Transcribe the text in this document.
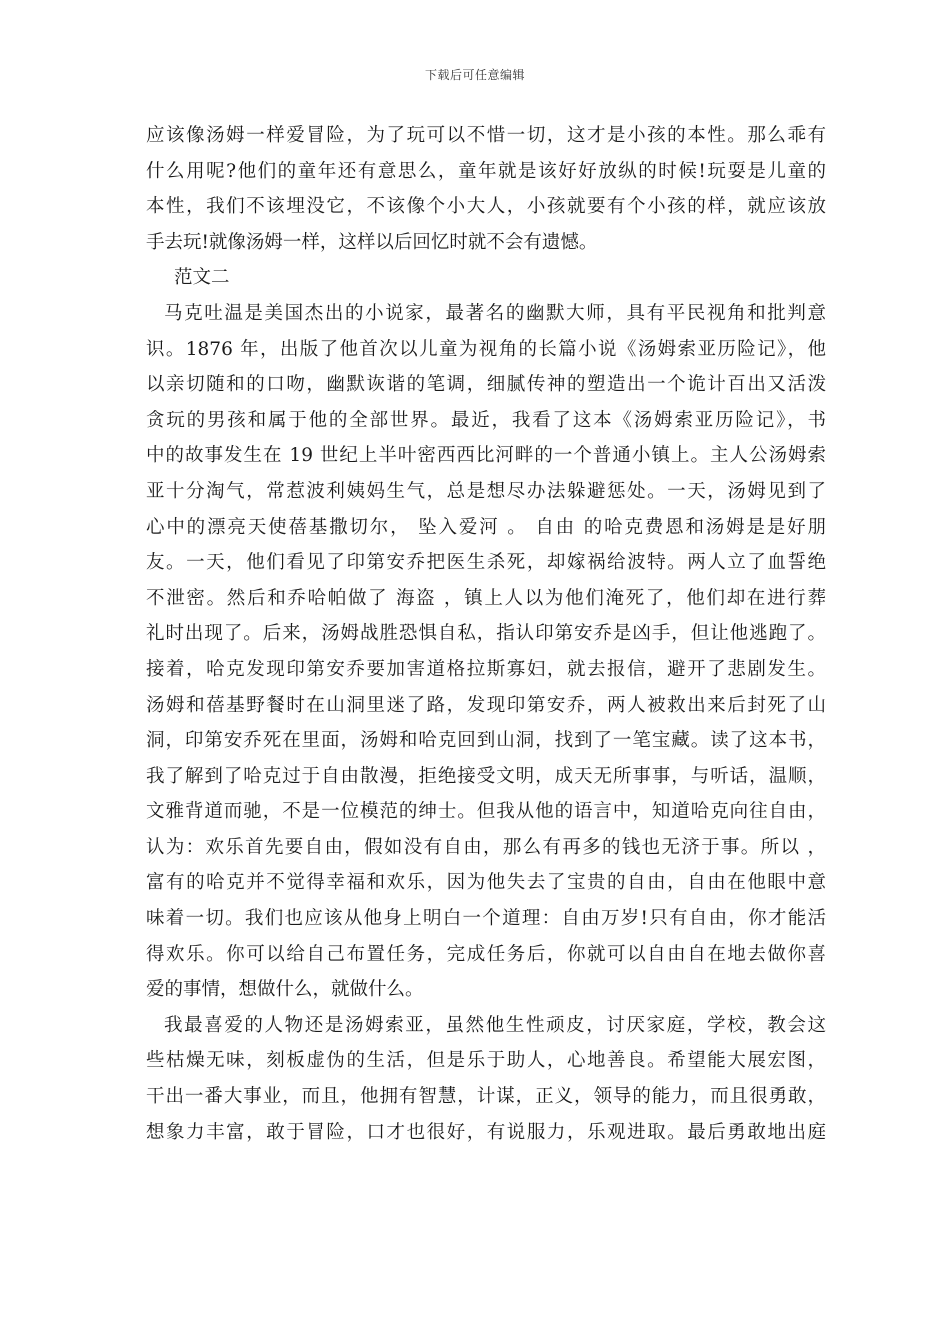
下载后可任意编辑
应该像汤姆一样爱冒险，为了玩可以不惜一切，这才是小孩的本性。那么乖有
什么用呢?他们的童年还有意思么，童年就是该好好放纵的时候!玩耍是儿童的
本性，我们不该埋没它，不该像个小大人，小孩就要有个小孩的样，就应该放
手去玩!就像汤姆一样，这样以后回忆时就不会有遗憾。
范文二
马克吐温是美国杰出的小说家，最著名的幽默大师，具有平民视角和批判意
识。1876 年，出版了他首次以儿童为视角的长篇小说《汤姆索亚历险记》，他
以亲切随和的口吻，幽默诙谐的笔调，细腻传神的塑造出一个诡计百出又活泼
贪玩的男孩和属于他的全部世界。最近，我看了这本《汤姆索亚历险记》，书
中的故事发生在 19 世纪上半叶密西西比河畔的一个普通小镇上。主人公汤姆索
亚十分淘气，常惹波利姨妈生气，总是想尽办法躲避惩处。一天，汤姆见到了
心中的漂亮天使蓓基撒切尔， 坠入爱河 。 自由 的哈克费恩和汤姆是是好朋
友。一天，他们看见了印第安乔把医生杀死，却嫁祸给波特。两人立了血誓绝
不泄密。然后和乔哈帕做了 海盗 ，镇上人以为他们淹死了，他们却在进行葬
礼时出现了。后来，汤姆战胜恐惧自私，指认印第安乔是凶手，但让他逃跑了。
接着，哈克发现印第安乔要加害道格拉斯寡妇，就去报信，避开了悲剧发生。
汤姆和蓓基野餐时在山洞里迷了路，发现印第安乔，两人被救出来后封死了山
洞，印第安乔死在里面，汤姆和哈克回到山洞，找到了一笔宝藏。读了这本书，
我了解到了哈克过于自由散漫，拒绝接受文明，成天无所事事，与听话，温顺，
文雅背道而驰，不是一位模范的绅士。但我从他的语言中，知道哈克向往自由，
认为：欢乐首先要自由，假如没有自由，那么有再多的钱也无济于事。所以 ，
富有的哈克并不觉得幸福和欢乐，因为他失去了宝贵的自由，自由在他眼中意
味着一切。我们也应该从他身上明白一个道理：自由万岁!只有自由，你才能活
得欢乐。你可以给自己布置任务，完成任务后，你就可以自由自在地去做你喜
爱的事情，想做什么，就做什么。
我最喜爱的人物还是汤姆索亚，虽然他生性顽皮，讨厌家庭，学校，教会这
些枯燥无味，刻板虚伪的生活，但是乐于助人，心地善良。希望能大展宏图，
干出一番大事业，而且，他拥有智慧，计谋，正义，领导的能力，而且很勇敢，
想象力丰富，敢于冒险，口才也很好，有说服力，乐观进取。最后勇敢地出庭
